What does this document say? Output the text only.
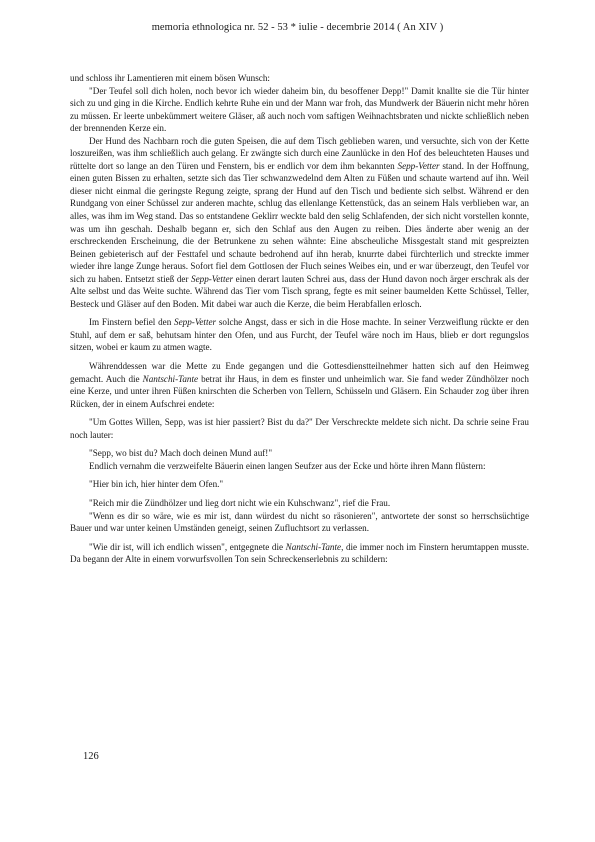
memoria ethnologica nr. 52 - 53 * iulie - decembrie 2014 ( An XIV )

und schloss ihr Lamentieren mit einem bösen Wunsch:

"Der Teufel soll dich holen, noch bevor ich wieder daheim bin, du besoffener Depp!" Damit knallte sie die Tür hinter sich zu und ging in die Kirche. Endlich kehrte Ruhe ein und der Mann war froh, das Mundwerk der Bäuerin nicht mehr hören zu müssen. Er leerte unbekümmert weitere Gläser, aß auch noch vom saftigen Weihnachtsbraten und nickte schließlich neben der brennenden Kerze ein.

Der Hund des Nachbarn roch die guten Speisen, die auf dem Tisch geblieben waren, und versuchte, sich von der Kette loszureißen, was ihm schließlich auch gelang. Er zwängte sich durch eine Zaunlücke in den Hof des beleuchteten Hauses und rüttelte dort so lange an den Türen und Fenstern, bis er endlich vor dem ihm bekannten Sepp-Vetter stand. In der Hoffnung, einen guten Bissen zu erhalten, setzte sich das Tier schwanzwedelnd dem Alten zu Füßen und schaute wartend auf ihn. Weil dieser nicht einmal die geringste Regung zeigte, sprang der Hund auf den Tisch und bediente sich selbst. Während er den Rundgang von einer Schüssel zur anderen machte, schlug das ellenlange Kettenstück, das an seinem Hals verblieben war, an alles, was ihm im Weg stand. Das so entstandene Geklirr weckte bald den selig Schlafenden, der sich nicht vorstellen konnte, was um ihn geschah. Deshalb begann er, sich den Schlaf aus den Augen zu reiben. Dies änderte aber wenig an der erschreckenden Erscheinung, die der Betrunkene zu sehen wähnte: Eine abscheuliche Missgestalt stand mit gespreizten Beinen gebieterisch auf der Festtafel und schaute bedrohend auf ihn herab, knurrte dabei fürchterlich und streckte immer wieder ihre lange Zunge heraus. Sofort fiel dem Gottlosen der Fluch seines Weibes ein, und er war überzeugt, den Teufel vor sich zu haben. Entsetzt stieß der Sepp-Vetter einen derart lauten Schrei aus, dass der Hund davon noch ärger erschrak als der Alte selbst und das Weite suchte. Während das Tier vom Tisch sprang, fegte es mit seiner baumelden Kette Schüssel, Teller, Besteck und Gläser auf den Boden. Mit dabei war auch die Kerze, die beim Herabfallen erlosch.

Im Finstern befiel den Sepp-Vetter solche Angst, dass er sich in die Hose machte. In seiner Verzweiflung rückte er den Stuhl, auf dem er saß, behutsam hinter den Ofen, und aus Furcht, der Teufel wäre noch im Haus, blieb er dort regungslos sitzen, wobei er kaum zu atmen wagte.

Währenddessen war die Mette zu Ende gegangen und die Gottesdienstteilnehmer hatten sich auf den Heimweg gemacht. Auch die Nantschi-Tante betrat ihr Haus, in dem es finster und unheimlich war. Sie fand weder Zündhölzer noch eine Kerze, und unter ihren Füßen knirschten die Scherben von Tellern, Schüsseln und Gläsern. Ein Schauder zog über ihren Rücken, der in einem Aufschrei endete:

"Um Gottes Willen, Sepp, was ist hier passiert? Bist du da?" Der Verschreckte meldete sich nicht. Da schrie seine Frau noch lauter:

"Sepp, wo bist du? Mach doch deinen Mund auf!"

Endlich vernahm die verzweifelte Bäuerin einen langen Seufzer aus der Ecke und hörte ihren Mann flüstern:

"Hier bin ich, hier hinter dem Ofen."

"Reich mir die Zündhölzer und lieg dort nicht wie ein Kuhschwanz", rief die Frau.

"Wenn es dir so wäre, wie es mir ist, dann würdest du nicht so räsonieren", antwortete der sonst so herrschsüchtige Bauer und war unter keinen Umständen geneigt, seinen Zufluchtsort zu verlassen.

"Wie dir ist, will ich endlich wissen", entgegnete die Nantschi-Tante, die immer noch im Finstern herumtappen musste. Da begann der Alte in einem vorwurfsvollen Ton sein Schreckenserlebnis zu schildern:

126
